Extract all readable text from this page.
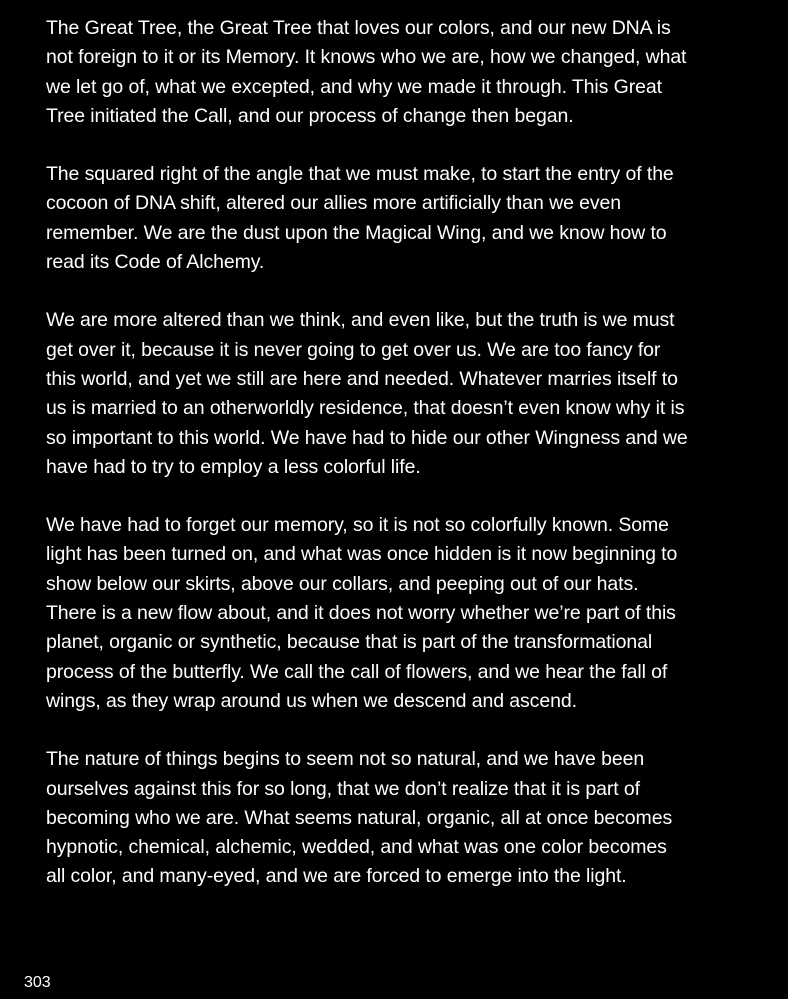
The Great Tree, the Great Tree that loves our colors, and our new DNA is
not foreign to it or its Memory. It knows who we are, how we changed, what
we let go of, what we excepted, and why we made it through. This Great
Tree initiated the Call, and our process of change then began.

The squared right of the angle that we must make, to start the entry of the
cocoon of DNA shift, altered our allies more artificially than we even
remember. We are the dust upon the Magical Wing, and we know how to
read its Code of Alchemy.

We are more altered than we think, and even like, but the truth is we must
get over it, because it is never going to get over us. We are too fancy for
this world, and yet we still are here and needed. Whatever marries itself to
us is married to an otherworldly residence, that doesn’t even know why it is
so important to this world. We have had to hide our other Wingness and we
have had to try to employ a less colorful life.

We have had to forget our memory, so it is not so colorfully known. Some
light has been turned on, and what was once hidden is it now beginning to
show below our skirts, above our collars, and peeping out of our hats.
There is a new flow about, and it does not worry whether we’re part of this
planet, organic or synthetic, because that is part of the transformational
process of the butterfly. We call the call of flowers, and we hear the fall of
wings, as they wrap around us when we descend and ascend.

The nature of things begins to seem not so natural, and we have been
ourselves against this for so long, that we don’t realize that it is part of
becoming who we are. What seems natural, organic, all at once becomes
hypnotic, chemical, alchemic, wedded, and what was one color becomes
all color, and many-eyed, and we are forced to emerge into the light.

303
